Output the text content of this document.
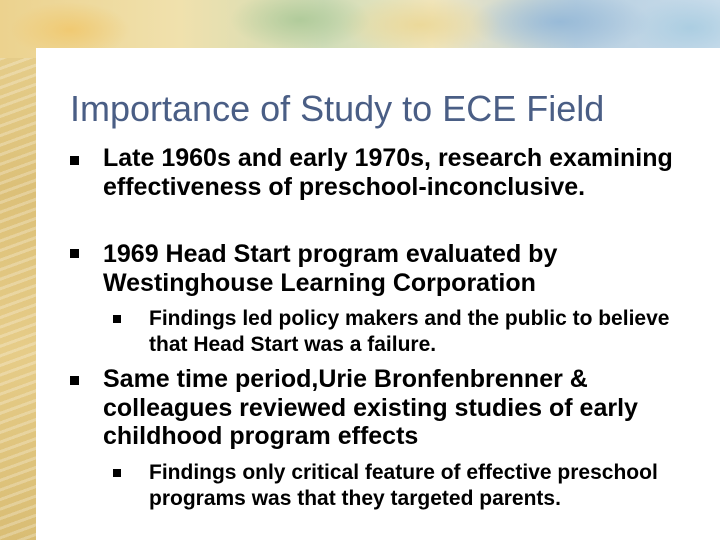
Importance of Study to ECE Field
Late 1960s and early 1970s, research examining effectiveness of preschool-inconclusive.
1969 Head Start program evaluated by Westinghouse Learning Corporation
Findings led policy makers and the public to believe that Head Start was a failure.
Same time period,Urie Bronfenbrenner & colleagues reviewed existing studies of early childhood program effects
Findings only critical feature of effective preschool programs was that they targeted parents.
